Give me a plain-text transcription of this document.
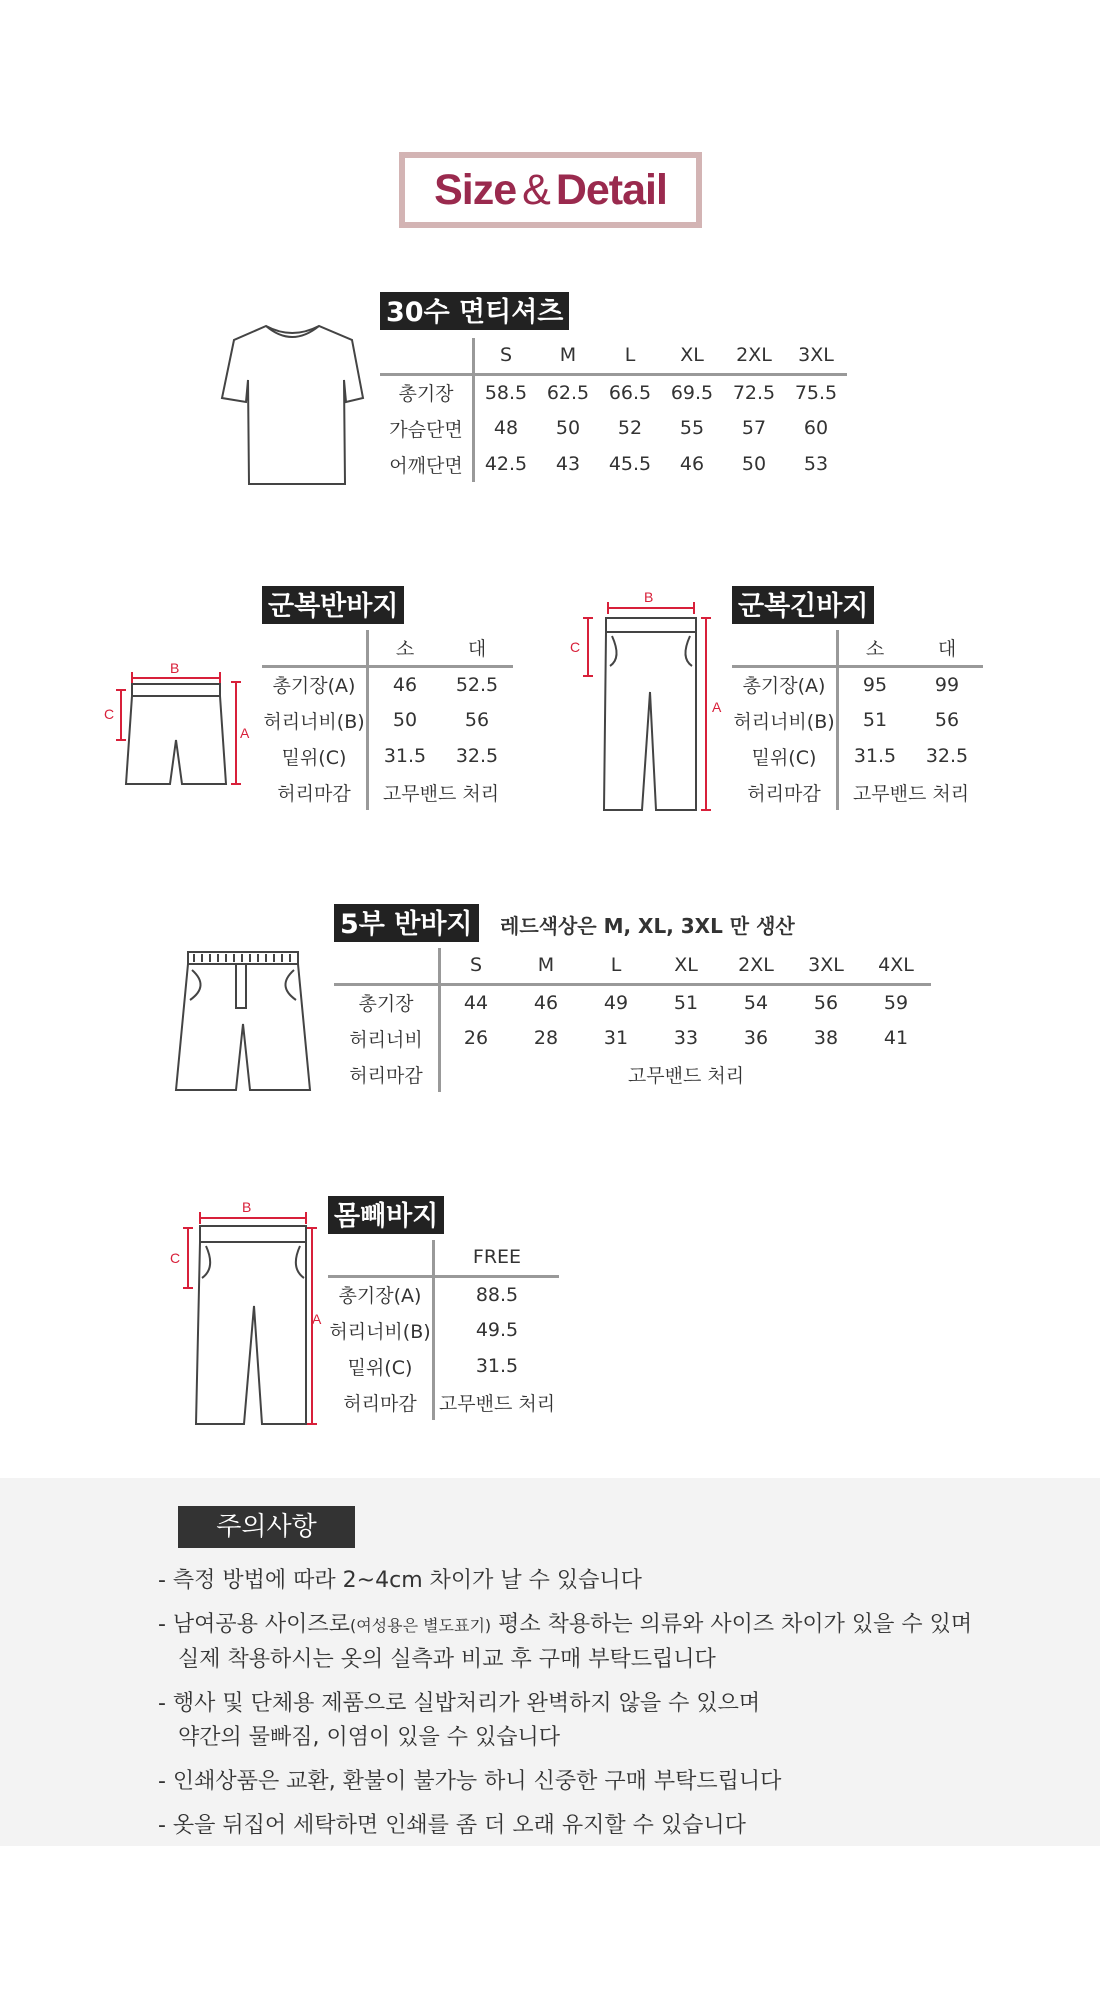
Size & Detail
30수 면티셔츠
	S	M	L	XL	2XL	3XL
총기장	58.5	62.5	66.5	69.5	72.5	75.5
가슴단면	48	50	52	55	57	60
어깨단면	42.5	43	45.5	46	50	53
B
C
A
군복반바지
	소	대
총기장(A)	46	52.5
허리너비(B)	50	56
밑위(C)	31.5	32.5
허리마감	고무밴드 처리	
B
C
A
군복긴바지
	소	대
총기장(A)	95	99
허리너비(B)	51	56
밑위(C)	31.5	32.5
허리마감	고무밴드 처리	
5부 반바지	레드색상은 M, XL, 3XL 만 생산
	S	M	L	XL	2XL	3XL	4XL
총기장	44	46	49	51	54	56	59
허리너비	26	28	31	33	36	38	41
허리마감	고무밴드 처리						
B
C
A
몸빼바지
	FREE
총기장(A)	88.5
허리너비(B)	49.5
밑위(C)	31.5
허리마감	고무밴드 처리
주의사항
- 측정 방법에 따라 2~4cm 차이가 날 수 있습니다
- 남여공용 사이즈로(여성용은 별도표기) 평소 착용하는 의류와 사이즈 차이가 있을 수 있며
실제 착용하시는 옷의 실측과 비교 후 구매 부탁드립니다
- 행사 및 단체용 제품으로 실밥처리가 완벽하지 않을 수 있으며
약간의 물빠짐, 이염이 있을 수 있습니다
- 인쇄상품은 교환, 환불이 불가능 하니 신중한 구매 부탁드립니다
- 옷을 뒤집어 세탁하면 인쇄를 좀 더 오래 유지할 수 있습니다
